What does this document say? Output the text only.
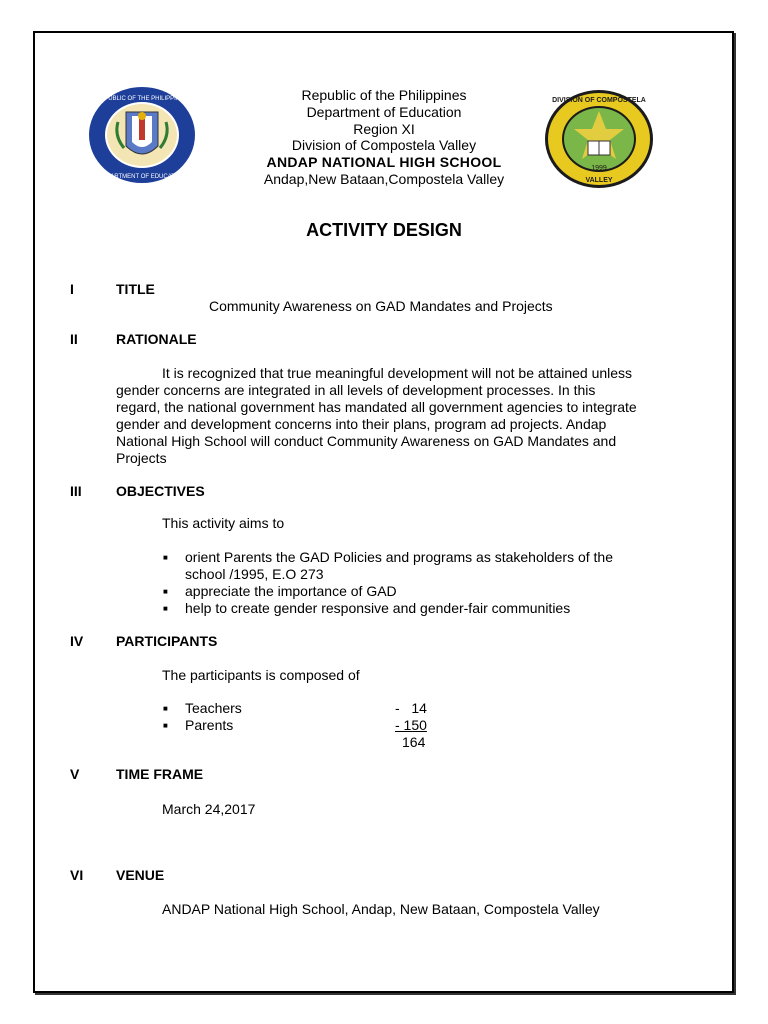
REPUBLIC OF THE PHILIPPINES
DEPARTMENT OF EDUCATION
DIVISION OF COMPOSTELA
VALLEY
1999
Republic of the Philippines
Department of Education
Region XI
Division of Compostela Valley
ANDAP NATIONAL HIGH SCHOOL
Andap,New Bataan,Compostela Valley
ACTIVITY DESIGN
I	TITLE
Community Awareness on GAD Mandates and Projects
II	RATIONALE
It is recognized that true meaningful development will not be attained unless
gender concerns are integrated in all levels of development processes. In this
regard, the national government has mandated all government agencies to integrate
gender and development concerns into their plans, program ad projects. Andap
National High School will conduct Community Awareness on GAD Mandates and
Projects
III OBJECTIVES
This activity aims to
■ orient Parents the GAD Policies and programs as stakeholders of the
school /1995, E.O 273
■ appreciate the importance of GAD
■ help to create gender responsive and gender-fair communities
IV PARTICIPANTS
The participants is composed of
■ Teachers	-   14
■ Parents	- 150
164
V	TIME FRAME
March 24,2017
VI VENUE
ANDAP National High School, Andap, New Bataan, Compostela Valley
